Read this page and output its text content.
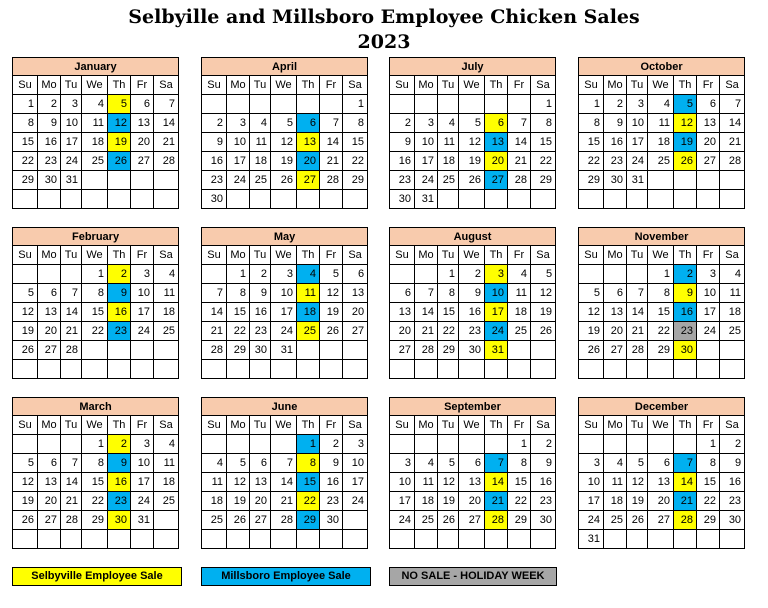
Selbyille and Millsboro Employee Chicken Sales
2023
January						
Su	Mo	Tu	We	Th	Fr	Sa
1	2	3	4	5	6	7
8	9	10	11	12	13	14
15	16	17	18	19	20	21
22	23	24	25	26	27	28
29	30	31				

April						
Su	Mo	Tu	We	Th	Fr	Sa
						1
2	3	4	5	6	7	8
9	10	11	12	13	14	15
16	17	18	19	20	21	22
23	24	25	26	27	28	29
30						
July						
Su	Mo	Tu	We	Th	Fr	Sa
						1
2	3	4	5	6	7	8
9	10	11	12	13	14	15
16	17	18	19	20	21	22
23	24	25	26	27	28	29
30	31					
October						
Su	Mo	Tu	We	Th	Fr	Sa
1	2	3	4	5	6	7
8	9	10	11	12	13	14
15	16	17	18	19	20	21
22	23	24	25	26	27	28
29	30	31				

February						
Su	Mo	Tu	We	Th	Fr	Sa
			1	2	3	4
5	6	7	8	9	10	11
12	13	14	15	16	17	18
19	20	21	22	23	24	25
26	27	28				

May						
Su	Mo	Tu	We	Th	Fr	Sa
	1	2	3	4	5	6
7	8	9	10	11	12	13
14	15	16	17	18	19	20
21	22	23	24	25	26	27
28	29	30	31			

August						
Su	Mo	Tu	We	Th	Fr	Sa
		1	2	3	4	5
6	7	8	9	10	11	12
13	14	15	16	17	18	19
20	21	22	23	24	25	26
27	28	29	30	31		

November						
Su	Mo	Tu	We	Th	Fr	Sa
			1	2	3	4
5	6	7	8	9	10	11
12	13	14	15	16	17	18
19	20	21	22	23	24	25
26	27	28	29	30		

March						
Su	Mo	Tu	We	Th	Fr	Sa
			1	2	3	4
5	6	7	8	9	10	11
12	13	14	15	16	17	18
19	20	21	22	23	24	25
26	27	28	29	30	31	

June						
Su	Mo	Tu	We	Th	Fr	Sa
				1	2	3
4	5	6	7	8	9	10
11	12	13	14	15	16	17
18	19	20	21	22	23	24
25	26	27	28	29	30	

September						
Su	Mo	Tu	We	Th	Fr	Sa
					1	2
3	4	5	6	7	8	9
10	11	12	13	14	15	16
17	18	19	20	21	22	23
24	25	26	27	28	29	30

December						
Su	Mo	Tu	We	Th	Fr	Sa
					1	2
3	4	5	6	7	8	9
10	11	12	13	14	15	16
17	18	19	20	21	22	23
24	25	26	27	28	29	30
31						
Selbyville Employee Sale	Millsboro Employee Sale	NO SALE - HOLIDAY WEEK
